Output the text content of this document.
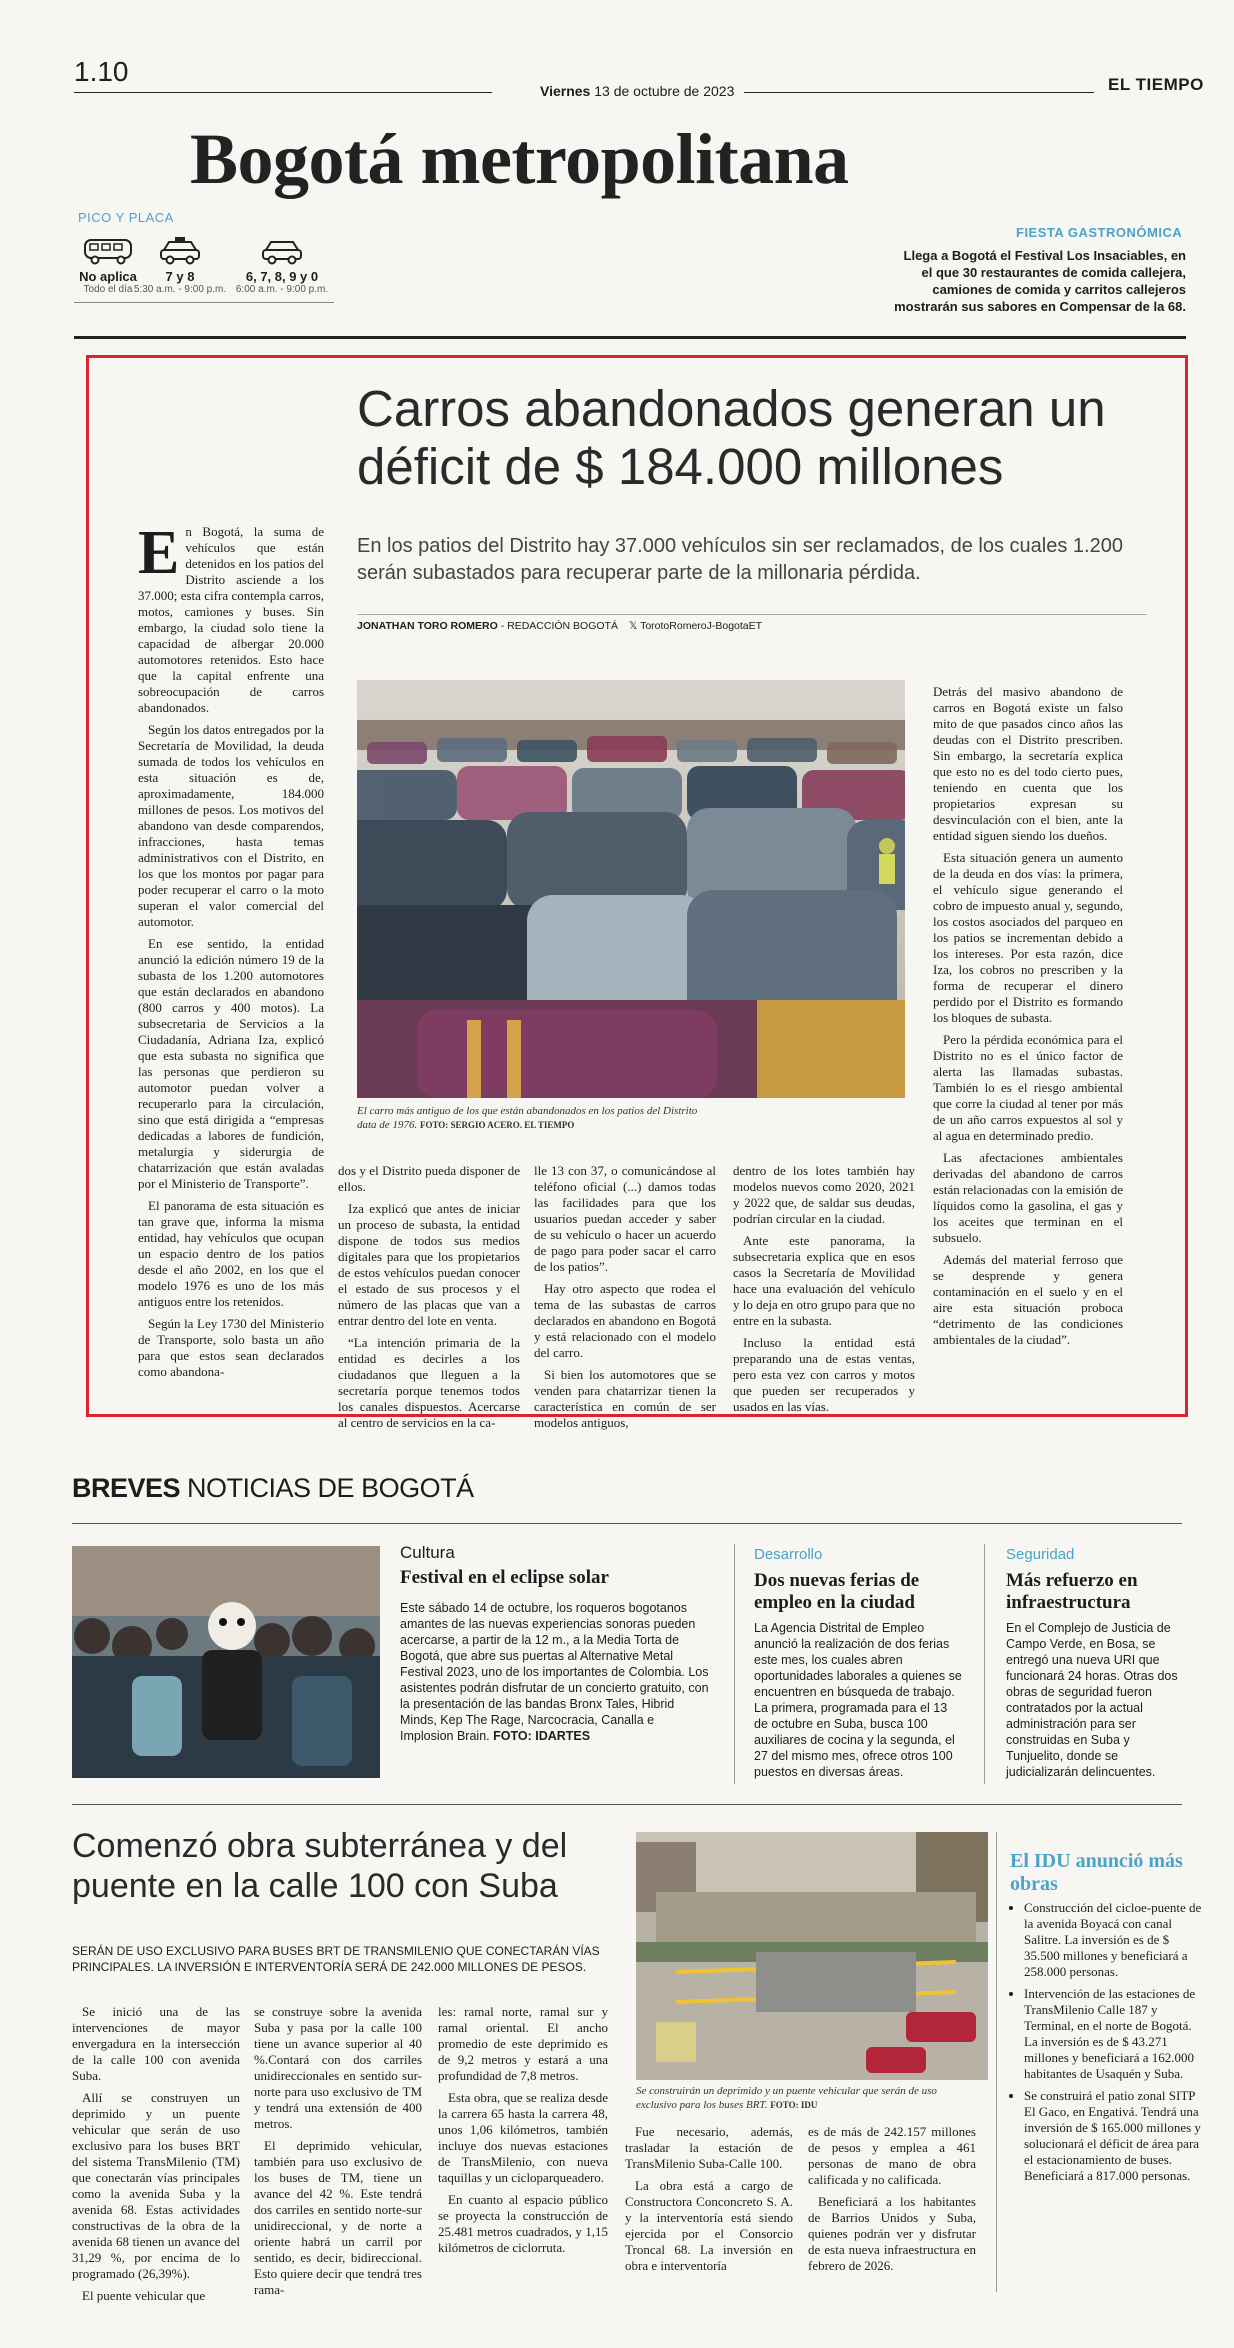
1.10
Viernes 13 de octubre de 2023	EL TIEMPO
Bogotá metropolitana
PICO Y PLACA
No aplica
Todo el día
7 y 8
5:30 a.m. - 9:00 p.m.
6, 7, 8, 9 y 0
6:00 a.m. - 9:00 p.m.
FIESTA GASTRONÓMICA
Llega a Bogotá el Festival Los Insaciables, en el que 30 restaurantes de comida callejera, camiones de comida y carritos callejeros mostrarán sus sabores en Compensar de la 68.
Carros abandonados generan un déficit de $ 184.000 millones
En los patios del Distrito hay 37.000 vehículos sin ser reclamados, de los cuales 1.200 serán subastados para recuperar parte de la millonaria pérdida.
JONATHAN TORO ROMERO - REDACCIÓN BOGOTÁ 𝕏 TorotoRomeroJ-BogotaET

En Bogotá, la suma de vehículos que están detenidos en los patios del Distrito asciende a los 37.000; esta cifra contempla carros, motos, camiones y buses. Sin embargo, la ciudad solo tiene la capacidad de albergar 20.000 automotores retenidos. Esto hace que la capital enfrente una sobreocupación de carros abandonados.

Según los datos entregados por la Secretaría de Movilidad, la deuda sumada de todos los vehículos en esta situación es de, aproximadamente, 184.000 millones de pesos. Los motivos del abandono van desde comparendos, infracciones, hasta temas administrativos con el Distrito, en los que los montos por pagar para poder recuperar el carro o la moto superan el valor comercial del automotor.

En ese sentido, la entidad anunció la edición número 19 de la subasta de los 1.200 automotores que están declarados en abandono (800 carros y 400 motos). La subsecretaria de Servicios a la Ciudadanía, Adriana Iza, explicó que esta subasta no significa que las personas que perdieron su automotor puedan volver a recuperarlo para la circulación, sino que está dirigida a “empresas dedicadas a labores de fundición, metalurgia y siderurgia de chatarrización que están avaladas por el Ministerio de Transporte”.

El panorama de esta situación es tan grave que, informa la misma entidad, hay vehículos que ocupan un espacio dentro de los patios desde el año 2002, en los que el modelo 1976 es uno de los más antiguos entre los retenidos.

Según la Ley 1730 del Ministerio de Transporte, solo basta un año para que estos sean declarados como abandona-

El carro más antiguo de los que están abandonados en los patios del Distrito data de 1976. FOTO: SERGIO ACERO. EL TIEMPO

dos y el Distrito pueda disponer de ellos.

Iza explicó que antes de iniciar un proceso de subasta, la entidad dispone de todos sus medios digitales para que los propietarios de estos vehículos puedan conocer el estado de sus procesos y el número de las placas que van a entrar dentro del lote en venta.

“La intención primaria de la entidad es decirles a los ciudadanos que lleguen a la secretaría porque tenemos todos los canales dispuestos. Acercarse al centro de servicios en la ca-

lle 13 con 37, o comunicándose al teléfono oficial (...) damos todas las facilidades para que los usuarios puedan acceder y saber de su vehículo o hacer un acuerdo de pago para poder sacar el carro de los patios”.

Hay otro aspecto que rodea el tema de las subastas de carros declarados en abandono en Bogotá y está relacionado con el modelo del carro.

Si bien los automotores que se venden para chatarrizar tienen la característica en común de ser modelos antiguos,

dentro de los lotes también hay modelos nuevos como 2020, 2021 y 2022 que, de saldar sus deudas, podrían circular en la ciudad.

Ante este panorama, la subsecretaria explica que en esos casos la Secretaría de Movilidad hace una evaluación del vehículo y lo deja en otro grupo para que no entre en la subasta.

Incluso la entidad está preparando una de estas ventas, pero esta vez con carros y motos que pueden ser recuperados y usados en las vías.

Detrás del masivo abandono de carros en Bogotá existe un falso mito de que pasados cinco años las deudas con el Distrito prescriben. Sin embargo, la secretaría explica que esto no es del todo cierto pues, teniendo en cuenta que los propietarios expresan su desvinculación con el bien, ante la entidad siguen siendo los dueños.

Esta situación genera un aumento de la deuda en dos vías: la primera, el vehículo sigue generando el cobro de impuesto anual y, segundo, los costos asociados del parqueo en los patios se incrementan debido a los intereses. Por esta razón, dice Iza, los cobros no prescriben y la forma de recuperar el dinero perdido por el Distrito es formando los bloques de subasta.

Pero la pérdida económica para el Distrito no es el único factor de alerta las llamadas subastas. También lo es el riesgo ambiental que corre la ciudad al tener por más de un año carros expuestos al sol y al agua en determinado predio.

Las afectaciones ambientales derivadas del abandono de carros están relacionadas con la emisión de líquidos como la gasolina, el gas y los aceites que terminan en el subsuelo.

Además del material ferroso que se desprende y genera contaminación en el suelo y en el aire esta situación proboca “detrimento de las condiciones ambientales de la ciudad”.

BREVES NOTICIAS DE BOGOTÁ
Cultura
Festival en el eclipse solar
Este sábado 14 de octubre, los roqueros bogotanos amantes de las nuevas experiencias sonoras pueden acercarse, a partir de la 12 m., a la Media Torta de Bogotá, que abre sus puertas al Alternative Metal Festival 2023, uno de los importantes de Colombia. Los asistentes podrán disfrutar de un concierto gratuito, con la presentación de las bandas Bronx Tales, Hibrid Minds, Kep The Rage, Narcocracia, Canalla e Implosion Brain. FOTO: IDARTES
Desarrollo
Dos nuevas ferias de empleo en la ciudad
La Agencia Distrital de Empleo anunció la realización de dos ferias este mes, los cuales abren oportunidades laborales a quienes se encuentren en búsqueda de trabajo. La primera, programada para el 13 de octubre en Suba, busca 100 auxiliares de cocina y la segunda, el 27 del mismo mes, ofrece otros 100 puestos en diversas áreas.
Seguridad
Más refuerzo en infraestructura
En el Complejo de Justicia de Campo Verde, en Bosa, se entregó una nueva URI que funcionará 24 horas. Otras dos obras de seguridad fueron contratados por la actual administración para ser construidas en Suba y Tunjuelito, donde se judicializarán delincuentes.
Comenzó obra subterránea y del puente en la calle 100 con Suba
SERÁN DE USO EXCLUSIVO PARA BUSES BRT DE TRANSMILENIO QUE CONECTARÁN VÍAS PRINCIPALES. LA INVERSIÓN E INTERVENTORÍA SERÁ DE 242.000 MILLONES DE PESOS.

Se inició una de las intervenciones de mayor envergadura en la intersección de la calle 100 con avenida Suba.

Allí se construyen un deprimido y un puente vehicular que serán de uso exclusivo para los buses BRT del sistema TransMilenio (TM) que conectarán vías principales como la avenida Suba y la avenida 68. Estas actividades constructivas de la obra de la avenida 68 tienen un avance del 31,29 %, por encima de lo programado (26,39%).

El puente vehicular que

se construye sobre la avenida Suba y pasa por la calle 100 tiene un avance superior al 40 %.Contará con dos carriles unidireccionales en sentido sur-norte para uso exclusivo de TM y tendrá una extensión de 400 metros.

El deprimido vehicular, también para uso exclusivo de los buses de TM, tiene un avance del 42 %. Este tendrá dos carriles en sentido norte-sur unidireccional, y de norte a oriente habrá un carril por sentido, es decir, bidireccional. Esto quiere decir que tendrá tres rama-

les: ramal norte, ramal sur y ramal oriental. El ancho promedio de este deprimido es de 9,2 metros y estará a una profundidad de 7,8 metros.

Esta obra, que se realiza desde la carrera 65 hasta la carrera 48, unos 1,06 kilómetros, también incluye dos nuevas estaciones de TransMilenio, con nueva taquillas y un cicloparqueadero.

En cuanto al espacio público se proyecta la construcción de 25.481 metros cuadrados, y 1,15 kilómetros de ciclorruta.

Se construirán un deprimido y un puente vehicular que serán de uso exclusivo para los buses BRT. FOTO: IDU

Fue necesario, además, trasladar la estación de TransMilenio Suba-Calle 100.

La obra está a cargo de Constructora Conconcreto S. A. y la interventoría está siendo ejercida por el Consorcio Troncal 68. La inversión en obra e interventoría

es de más de 242.157 millones de pesos y emplea a 461 personas de mano de obra calificada y no calificada.

Beneficiará a los habitantes de Barrios Unidos y Suba, quienes podrán ver y disfrutar de esta nueva infraestructura en febrero de 2026.

El IDU anunció más obras
• Construcción del cicloe-puente de la avenida Boyacá con canal Salitre. La inversión es de $ 35.500 millones y beneficiará a 258.000 personas.
• Intervención de las estaciones de TransMilenio Calle 187 y Terminal, en el norte de Bogotá. La inversión es de $ 43.271 millones y beneficiará a 162.000 habitantes de Usaquén y Suba.
• Se construirá el patio zonal SITP El Gaco, en Engativá. Tendrá una inversión de $ 165.000 millones y solucionará el déficit de área para el estacionamiento de buses. Beneficiará a 817.000 personas.
